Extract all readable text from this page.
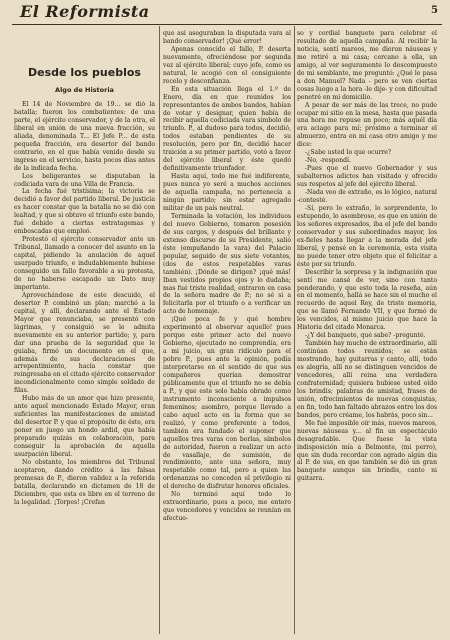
El Reformista	5
Desde los pueblos
Algo de Historia

El 14 de Noviembre de 19... se dió la batalla; fueron los combatientes: de una parte, el ejército conservador, y de la otra, el liberal en unión de una nueva fracción, su aliada, denominada T... El Jefe P... de esta pequeña fracción, era desertor del bando contrario, en el que había venido desde su ingreso en el servicio, hasta pocos días antes de la indicada fecha.

Los beligerantes se disputaban la codiciada vara de una Villa de Francia.

La fecha fué tristísima; la victoria se decidió a favor del partido liberal. De justicia es hacer constar que la batalla no se dió con lealtad, y que si obtuvo el triunfo este bando, fué debido a ciertas estratagemas y emboscadas que empleó.

Protestó el ejército conservador ante un Tribunal, llamado a conocer del asunto en la capital, pidiendo la anulación de aquel usurpado triunfo, e indudablemente hubiese conseguido un fallo favorable a su protesta, de no haberse escapado un Dato muy importante.

Aprovechándose de este descuido, el desertor P. combinó un plan; marchó a la capital, y allí, declarando ante el Estado Mayor que renunciaba, se presentó con lágrimas, y consiguió se le admita nuevamente en su anterior partido; y, para dar una prueba de la seguridad que le guiaba, firmó un documento en el que, además de sus declaraciones de arrepentimiento, hacía constar que reingresaba en el citado ejército conservador incondicionalmente como simple soldado de filas.

Hubo más de un amor que hizo presente, ante aquel mencionado Estado Mayor, eran suficientes las manifestaciones de amistad del desertor P. y que el propósito de éste, era poner en juego un hondo ardid, que había preparado quizás en colaboración, para conseguir la aprobación de aquella usurpación liberal.

No obstante, los miembros del Tribunal aceptaron, dando crédito a las falsas promesas de P., dieron validez a la referida batalla, declarando en dictamen de 18 de Diciembre, que esta es libre en el terreno de la legalidad. ¡Torpes! ¡Crefan

que así aseguraban la disputada vara al bando conservador! ¡Qué error!

Apenas conocido el fallo, P. deserta nuevamente, ofreciéndose por segunda vez al ejército liberal; cuyo jefe, como es natural, le acogió con el consiguiente recelo y desconfianza.

En esta situación llega el 1.º de Enero, día en que reunidos los representantes de ambos bandos, habían de votar y designar, quien había de recibir aquella codiciada vara símbolo de triunfo. P., al dudoso para todos, decidió, todos estaban pendientes de su resolución, pero por fin, decidió hacer traición a su primer partido, votó a favor del ejército liberal y éste quedó definitivamente triunfador.

Hasta aquí, todo me fué indiferente, pues nunca yo seré a muchos acciones de aquella campaña, no pertenecía a ningún partido; sin estar agregado militar de un país neutral.

Terminada la votación, los individuos del nuevo Gobierno, tomaron posesión de sus cargos, y después del brillante y extenso discurso de su Presidente, salió éste (empuñando la vara) del Palacio popular, seguido de sus siete votantes, (dos de estos respetables varas también). ¡Dónde se dirigen? ¡qué más! Iban vestidos propios ojos y lo dudaba; mas fué triste realidad, entraron en casa de la señora madre de P.; no sé si a felicitarla por el triunfo o a verificar un acto de homenaje.

¡Qué poca fe y qué hombre experimentó al observar aquello! pues porque este primer acto del nuevo Gobierno, ejecutado no comprendía, era a mi juicio, un gran ridículo para el pobre P., pues ante la opinión, podía interpretarse en el sentido de que sus compañeros querían demostrar públicamente que el triunfo no se debía a P., y que este solo había obrado como instrumento inconsciente a impulsos femeninos; asombro, porque llevado a cabo aquel acto en la forma que se realizó, y como preferente a todos, también era fundado el suponer que aquellos tres varas con borlas, símbolos de autoridad, fueron a realizar un acto de vasallaje, de sumisión, de rendimiento, ante una señora, muy respetable como tal, pero a quien las ordenanzas no conceden el privilegio ni el derecho de disfrutar honores oficiales.

No terminó aquí todo lo extraordinario, pues a poco, me entero que vencedores y vencidos se reunían en afectuo-

so y cordial banquete para celebrar el resultado de aquella campaña. Al recibir la noticia, sentí mareos, me dieron náuseas y me retiré a mi casa; cercano a ella, un amigo, al ver seguramente lo descompuesto de mi semblante, me preguntó: ¿Qué le pasa a don Manuel? Nada - pero se ven ciertas cosas luego a la hora -le dije- y con dificultad penetré en mi domicilio.

A pesar de ser más de las trece, no pude ocupar mi sitio en la mesa, hasta que pasada una hora me repuse un poco; más aquél día era aciago para mí; próximo a terminar el almuerzo, entra en mi casa otro amigo y me dice:

-¿Sabe usted lo que ocurre?

-No, -respondí.

-Pues que el nuevo Gobernador y sus subalternos adictos han visitado y ofrecido sus respetos al jefe del ejército liberal.

-Nada veo de extraño, es lo lógico, natural -contesté.

-Sí, pero lo extraño, lo sorprendente, lo estupendo, lo asombroso, es que en unión de los señores expresados, iba el jefe del bando conservador y sus subordinados mayor, los ex-fieles hasta llegar a la morada del jefe liberal, y pensé en la ceremonia, esta visita no puede tener otro objeto que el felicitar a éste por su triunfo.

Describir la sorpresa y la indignación que sentí me cansé de ver, sino con tanto ponderando, y que esto toda la reseña, aún en el momento, hallá se hace sin el mucho el recuerdo de aquel Rey, de triste memoria, que se llamó Fernando VII, y que formó de los vencidos, al mismo juicio que hace la Historia del citado Monarca.

-¿Y del banquete, qué sabe? -pregunté.

También hay mucho de extraordinario, allí continúan todos reunidos; se están mostrando, hay guitarras y canto, allí, todo es alegría, allí no se distinguen vencidos de vencedores, allí reina una verdadera confraternidad; quisiera hubiese usted oído los brindis; palabras de amistad, frases de unión, ofrecimientos de nuevas conquistas, en fin, todo han faltado abrazos entre los dos bandos, pero créame, los habrás, poco sin...

Me fué imposible oír más, nuevos mareos, nuevas náuseas y... al fin un espectáculo desagradable. Que fuese la vista indisposición mía a Belmonte, (mi perro), que sin duda recordar con agrado algún día al P. de sus, en que también se dió un gran banquete aunque sin brindis, canto ni guitarra.
